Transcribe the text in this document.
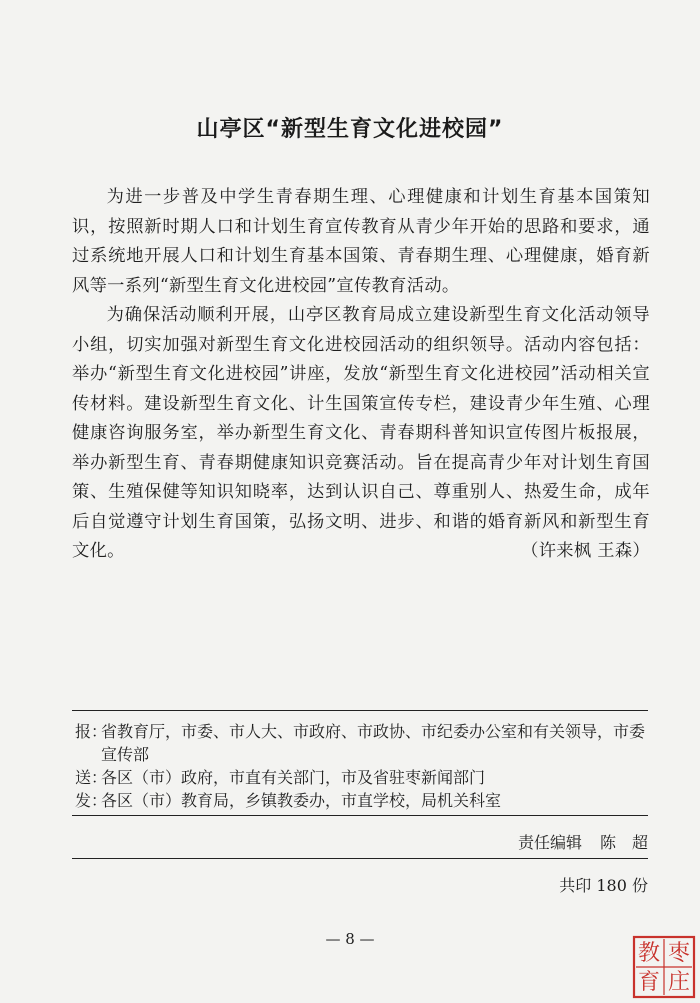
山亭区“新型生育文化进校园”

为进一步普及中学生青春期生理、心理健康和计划生育基本国策知识，按照新时期人口和计划生育宣传教育从青少年开始的思路和要求，通过系统地开展人口和计划生育基本国策、青春期生理、心理健康，婚育新风等一系列“新型生育文化进校园”宣传教育活动。

为确保活动顺利开展，山亭区教育局成立建设新型生育文化活动领导小组，切实加强对新型生育文化进校园活动的组织领导。活动内容包括：举办“新型生育文化进校园”讲座，发放“新型生育文化进校园”活动相关宣传材料。建设新型生育文化、计生国策宣传专栏，建设青少年生殖、心理健康咨询服务室，举办新型生育文化、青春期科普知识宣传图片板报展，举办新型生育、青春期健康知识竞赛活动。旨在提高青少年对计划生育国策、生殖保健等知识知晓率，达到认识自己、尊重别人、热爱生命，成年后自觉遵守计划生育国策，弘扬文明、进步、和谐的婚育新风和新型生育文化。	（许来枫 王森）

报：
省教育厅，市委、市人大、市政府、市政协、市纪委办公室和有关领导，市委宣传部
送：
各区（市）政府，市直有关部门，市及省驻枣新闻部门
发：
各区（市）教育局，乡镇教委办，市直学校，局机关科室
责任编辑 陈　超
共印 180 份
— 8 —
枣
庄
教
育
